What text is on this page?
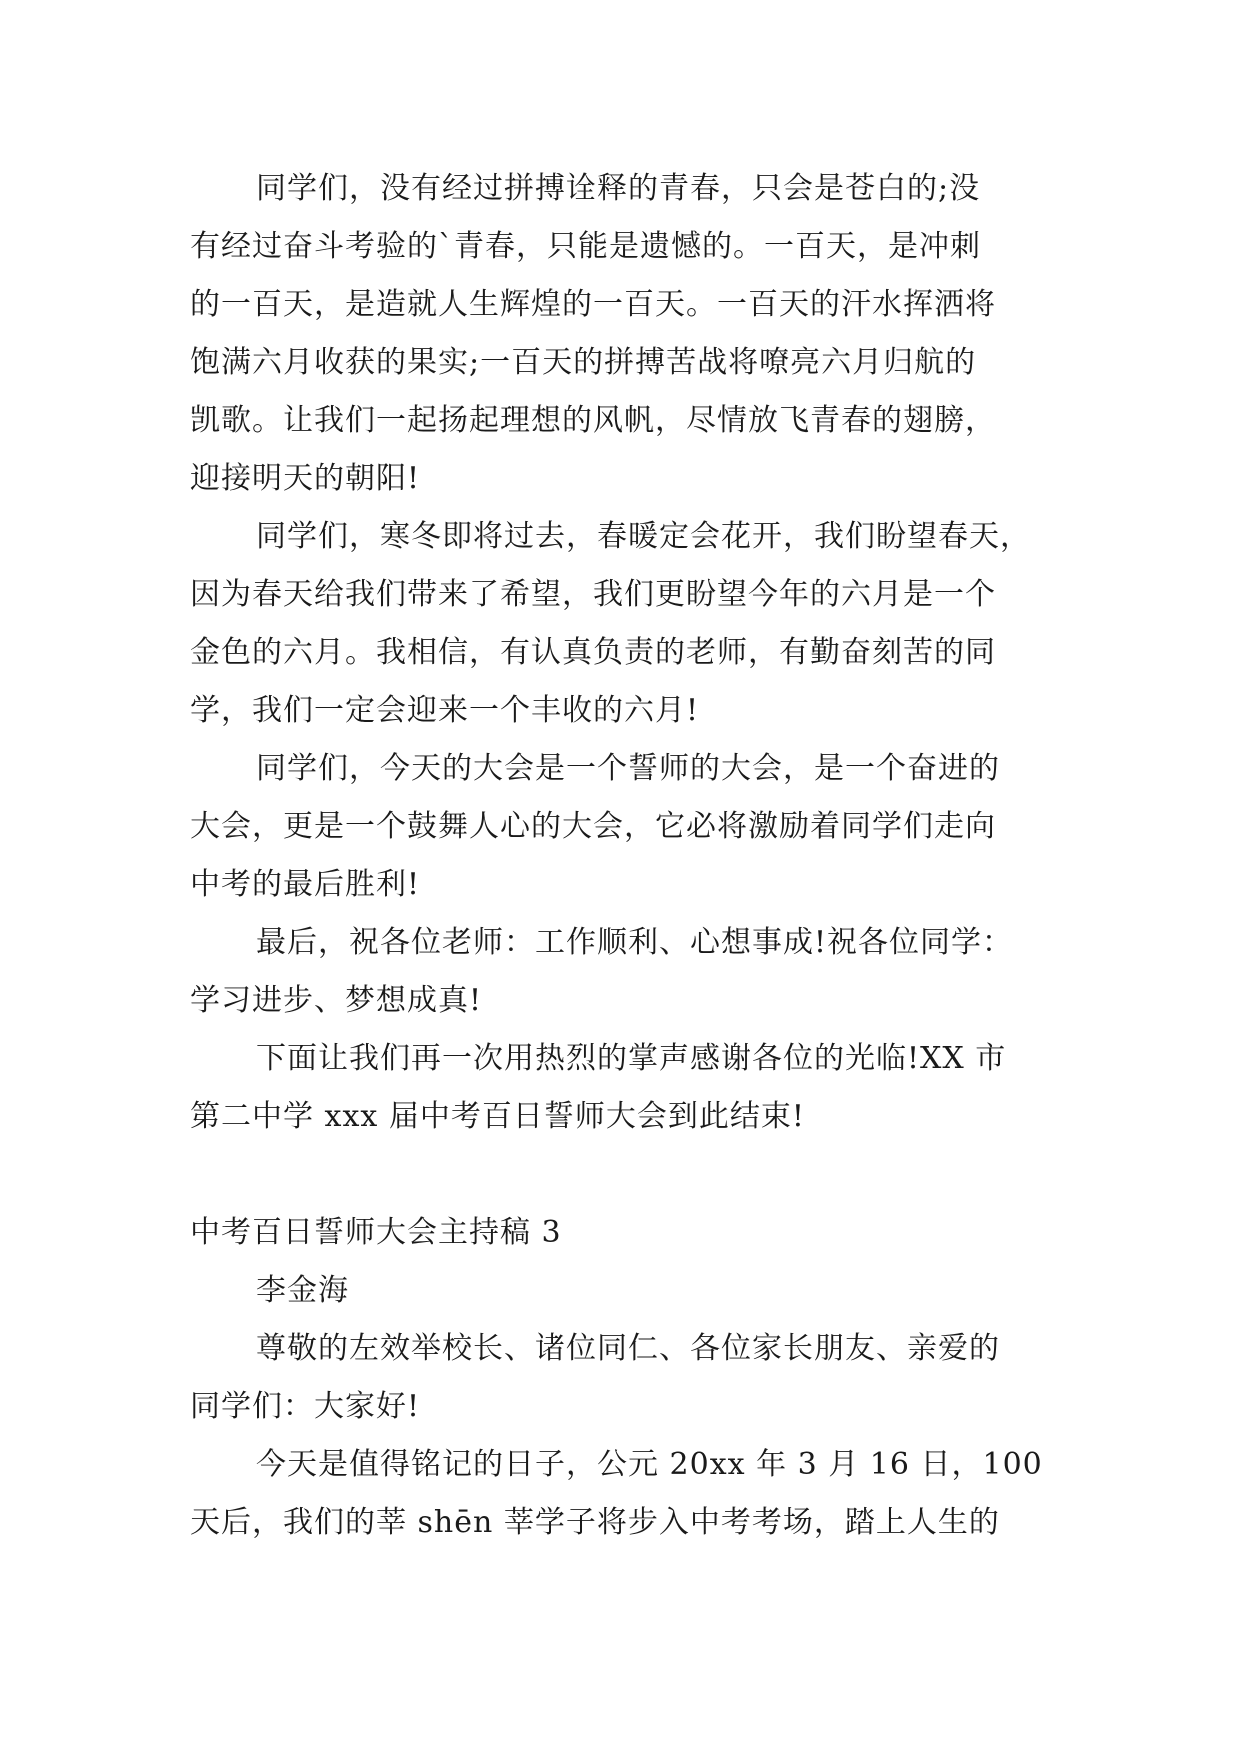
同学们，没有经过拼搏诠释的青春，只会是苍白的;没
有经过奋斗考验的`青春，只能是遗憾的。一百天，是冲刺
的一百天，是造就人生辉煌的一百天。一百天的汗水挥洒将
饱满六月收获的果实;一百天的拼搏苦战将嘹亮六月归航的
凯歌。让我们一起扬起理想的风帆，尽情放飞青春的翅膀，
迎接明天的朝阳!
同学们，寒冬即将过去，春暖定会花开，我们盼望春天，
因为春天给我们带来了希望，我们更盼望今年的六月是一个
金色的六月。我相信，有认真负责的老师，有勤奋刻苦的同
学，我们一定会迎来一个丰收的六月!
同学们，今天的大会是一个誓师的大会，是一个奋进的
大会，更是一个鼓舞人心的大会，它必将激励着同学们走向
中考的最后胜利!
最后，祝各位老师：工作顺利、心想事成!祝各位同学：
学习进步、梦想成真!
下面让我们再一次用热烈的掌声感谢各位的光临!XX 市
第二中学 xxx 届中考百日誓师大会到此结束!
中考百日誓师大会主持稿 3
李金海
尊敬的左效举校长、诸位同仁、各位家长朋友、亲爱的
同学们：大家好!
今天是值得铭记的日子，公元 20xx 年 3 月 16 日，100
天后，我们的莘 shēn 莘学子将步入中考考场，踏上人生的
